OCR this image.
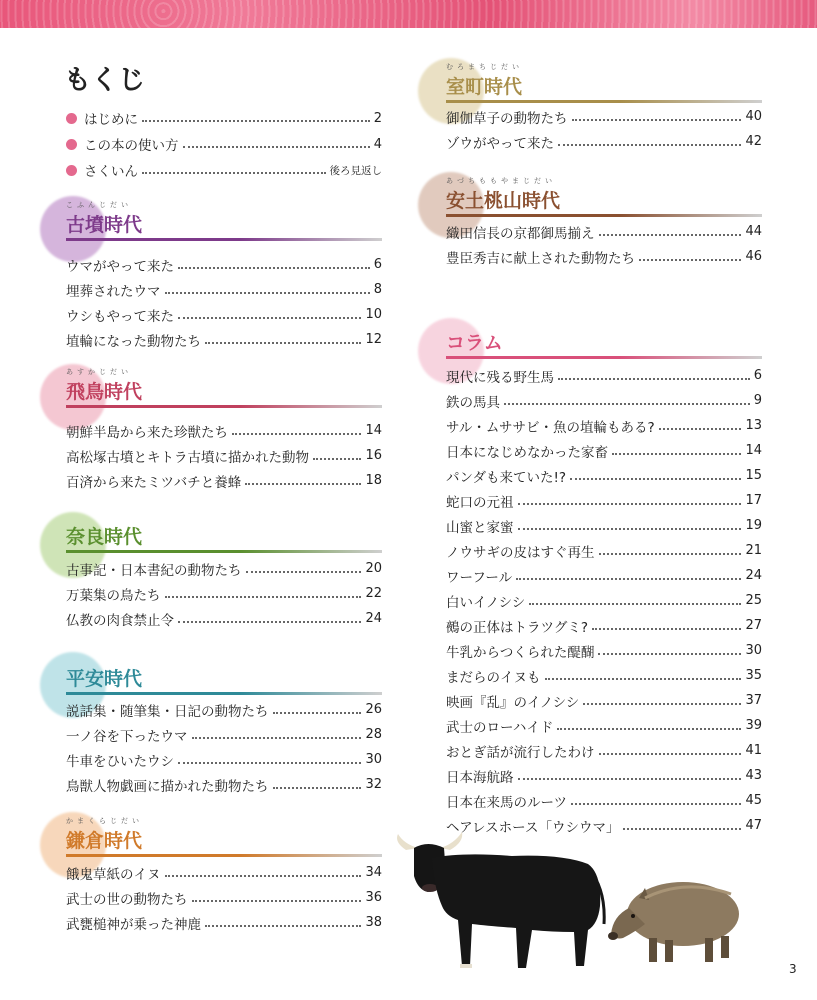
もくじ
はじめに	2
この本の使い方	4
さくいん	後ろ見返し
こふんじだい
古墳時代
ウマがやって来た	6
埋葬されたウマ	8
ウシもやって来た	10
埴輪になった動物たち	12
あすかじだい
飛鳥時代
朝鮮半島から来た珍獣たち	14
高松塚古墳とキトラ古墳に描かれた動物	16
百済から来たミツバチと養蜂	18
奈良時代
古事記・日本書紀の動物たち	20
万葉集の鳥たち	22
仏教の肉食禁止令	24
平安時代
説話集・随筆集・日記の動物たち	26
一ノ谷を下ったウマ	28
牛車をひいたウシ	30
鳥獣人物戯画に描かれた動物たち	32
かまくらじだい
鎌倉時代
餓鬼草紙のイヌ	34
武士の世の動物たち	36
武甕槌神が乗った神鹿	38
むろまちじだい
室町時代
御伽草子の動物たち	40
ゾウがやって来た	42
あづちももやまじだい
安土桃山時代
織田信長の京都御馬揃え	44
豊臣秀吉に献上された動物たち	46
コラム
現代に残る野生馬	6
鉄の馬具	9
サル・ムササビ・魚の埴輪もある?	13
日本になじめなかった家畜	14
パンダも来ていた!?	15
蛇口の元祖	17
山蜜と家蜜	19
ノウサギの皮はすぐ再生	21
ワーフール	24
白いイノシシ	25
鵺の正体はトラツグミ?	27
牛乳からつくられた醍醐	30
まだらのイヌも	35
映画『乱』のイノシシ	37
武士のローハイド	39
おとぎ話が流行したわけ	41
日本海航路	43
日本在来馬のルーツ	45
ヘアレスホース「ウシウマ」	47
3
